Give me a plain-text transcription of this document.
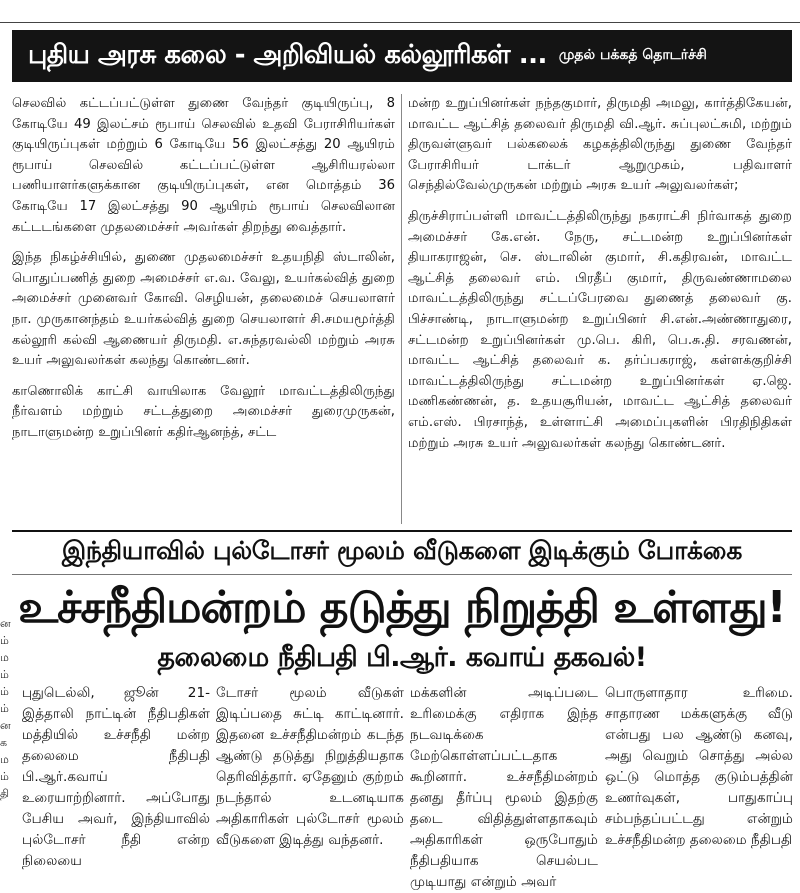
புதிய அரசு கலை - அறிவியல் கல்லூரிகள் ... முதல் பக்கத் தொடர்ச்சி

செலவில் கட்டப்பட்டுள்ள துணை வேந்தர் குடியிருப்பு, 8 கோடியே 49 இலட்சம் ரூபாய் செலவில் உதவி பேராசிரியர்கள் குடியிருப்புகள் மற்றும் 6 கோடியே 56 இலட்சத்து 20 ஆயிரம் ரூபாய் செலவில் கட்டப்பட்டுள்ள ஆசிரியரல்லா பணியாளர்களுக்கான குடியிருப்புகள், என மொத்தம் 36 கோடியே 17 இலட்சத்து 90 ஆயிரம் ரூபாய் செலவிலான கட்டடங்களை முதலமைச்சர் அவர்கள் திறந்து வைத்தார்.

இந்த நிகழ்ச்சியில், துணை முதலமைச்சர் உதயநிதி ஸ்டாலின், பொதுப்பணித் துறை அமைச்சர் எ.வ. வேலு, உயர்கல்வித் துறை அமைச்சர் முனைவர் கோவி. செழியன், தலைமைச் செயலாளர் நா. முருகானந்தம் உயர்கல்வித் துறை செயலாளர் சி.சமயமூர்த்தி கல்லூரி கல்வி ஆணையர் திருமதி. எ.சுந்தரவல்லி மற்றும் அரசு உயர் அலுவலர்கள் கலந்து கொண்டனர்.

காணொலிக் காட்சி வாயிலாக வேலூர் மாவட்டத்திலிருந்து நீர்வளம் மற்றும் சட்டத்துறை அமைச்சர் துரைமுருகன், நாடாளுமன்ற உறுப்பினர் கதிர்ஆனந்த், சட்ட

மன்ற உறுப்பினர்கள் நந்தகுமார், திருமதி அமலு, கார்த்திகேயன், மாவட்ட ஆட்சித் தலைவர் திருமதி வி.ஆர். சுப்புலட்சுமி, மற்றும் திருவள்ளுவர் பல்கலைக் கழகத்திலிருந்து துணை வேந்தர் பேராசிரியர் டாக்டர் ஆறுமுகம், பதிவாளர் செந்தில்வேல்முருகன் மற்றும் அரசு உயர் அலுவலர்கள்;

திருச்சிராப்பள்ளி மாவட்டத்திலிருந்து நகராட்சி நிர்வாகத் துறை அமைச்சர் கே.என். நேரு, சட்டமன்ற உறுப்பினர்கள் தியாகராஜன், செ. ஸ்டாலின் குமார், சி.கதிரவன், மாவட்ட ஆட்சித் தலைவர் எம். பிரதீப் குமார், திருவண்ணாமலை மாவட்டத்திலிருந்து சட்டப்பேரவை துணைத் தலைவர் கு. பிச்சாண்டி, நாடாளுமன்ற உறுப்பினர் சி.என்.அண்ணாதுரை, சட்டமன்ற உறுப்பினர்கள் மு.பெ. கிரி, பெ.சு.தி. சரவணன், மாவட்ட ஆட்சித் தலைவர் க. தர்ப்பகராஜ், கள்ளக்குறிச்சி மாவட்டத்திலிருந்து சட்டமன்ற உறுப்பினர்கள் ஏ.ஜெ. மணிகண்ணன், த. உதயசூரியன், மாவட்ட ஆட்சித் தலைவர் எம்.எஸ். பிரசாந்த், உள்ளாட்சி அமைப்புகளின் பிரதிநிதிகள் மற்றும் அரசு உயர் அலுவலர்கள் கலந்து கொண்டனர்.

இந்தியாவில் புல்டோசர் மூலம் வீடுகளை இடிக்கும் போக்கை
உச்சநீதிமன்றம் தடுத்து நிறுத்தி உள்ளது!
தலைமை நீதிபதி பி.ஆர். கவாய் தகவல்!

புதுடெல்லி, ஜூன் 21- இத்தாலி நாட்டின் நீதிபதிகள் மத்தியில் உச்சநீதி மன்ற தலைமை நீதிபதி பி.ஆர்.கவாய் உரையாற்றினார். அப்போது பேசிய அவர், இந்தியாவில் புல்டோசர் நீதி என்ற நிலையை

டோசர் மூலம் வீடுகள் இடிப்பதை சுட்டி காட்டினார். இதனை உச்சநீதிமன்றம் கடந்த ஆண்டு தடுத்து நிறுத்தியதாக தெரிவித்தார். ஏதேனும் குற்றம் நடந்தால் உடனடியாக அதிகாரிகள் புல்டோசர் மூலம் வீடுகளை இடித்து வந்தனர்.

மக்களின் அடிப்படை உரிமைக்கு எதிராக இந்த நடவடிக்கை மேற்கொள்ளப்பட்டதாக கூறினார். உச்சநீதிமன்றம் தனது தீர்ப்பு மூலம் இதற்கு தடை விதித்துள்ளதாகவும் அதிகாரிகள் ஒருபோதும் நீதிபதியாக செயல்பட முடியாது என்றும் அவர்

பொருளாதார உரிமை. சாதாரண மக்களுக்கு வீடு என்பது பல ஆண்டு கனவு, அது வெறும் சொத்து அல்ல ஒட்டு மொத்த குடும்பத்தின் உணர்வுகள், பாதுகாப்பு சம்பந்தப்பட்டது என்றும் உச்சநீதிமன்ற தலைமை நீதிபதி

ன
ம்
ம
ம்
ம்
ம்
ன
க
ம
ம்
தி
